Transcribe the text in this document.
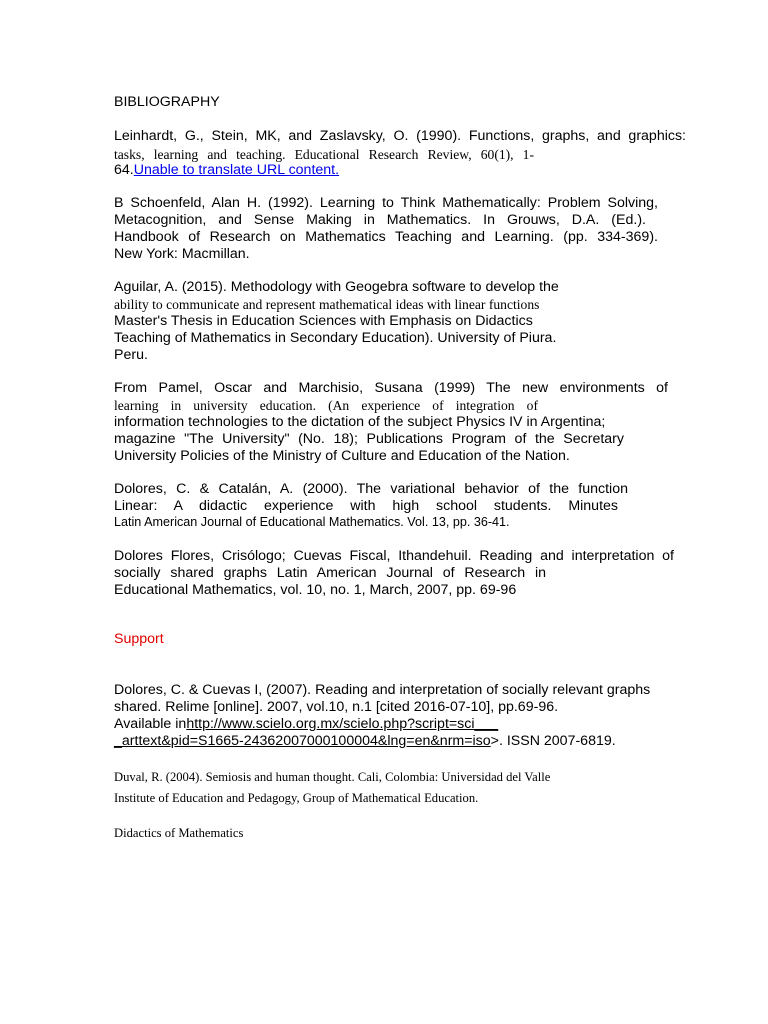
BIBLIOGRAPHY
Leinhardt, G., Stein, MK, and Zaslavsky, O. (1990). Functions, graphs, and graphics:
tasks, learning and teaching. Educational Research Review, 60(1), 1-
64.Unable to translate URL content.
B Schoenfeld, Alan H. (1992). Learning to Think Mathematically: Problem Solving,
Metacognition, and Sense Making in Mathematics. In Grouws, D.A. (Ed.).
Handbook of Research on Mathematics Teaching and Learning. (pp. 334-369).
New York: Macmillan.
Aguilar, A. (2015). Methodology with Geogebra software to develop the
ability to communicate and represent mathematical ideas with linear functions
Master's Thesis in Education Sciences with Emphasis on Didactics
Teaching of Mathematics in Secondary Education). University of Piura.
Peru.
From Pamel, Oscar and Marchisio, Susana (1999) The new environments of
learning in university education. (An experience of integration of
information technologies to the dictation of the subject Physics IV in Argentina;
magazine "The University" (No. 18); Publications Program of the Secretary
University Policies of the Ministry of Culture and Education of the Nation.
Dolores, C. & Catalán, A. (2000). The variational behavior of the function
Linear: A didactic experience with high school students. Minutes
Latin American Journal of Educational Mathematics. Vol. 13, pp. 36-41.
Dolores Flores, Crisólogo; Cuevas Fiscal, Ithandehuil. Reading and interpretation of
socially shared graphs Latin American Journal of Research in
Educational Mathematics, vol. 10, no. 1, March, 2007, pp. 69-96
Support
Dolores, C. & Cuevas I, (2007). Reading and interpretation of socially relevant graphs
shared. Relime [online]. 2007, vol.10, n.1 [cited 2016-07-10], pp.69-96.
Available inhttp://www.scielo.org.mx/scielo.php?script=sci___
_arttext&pid=S1665-24362007000100004&lng=en&nrm=iso>. ISSN 2007-6819.
Duval, R. (2004). Semiosis and human thought. Cali, Colombia: Universidad del Valle
Institute of Education and Pedagogy, Group of Mathematical Education.
Didactics of Mathematics
